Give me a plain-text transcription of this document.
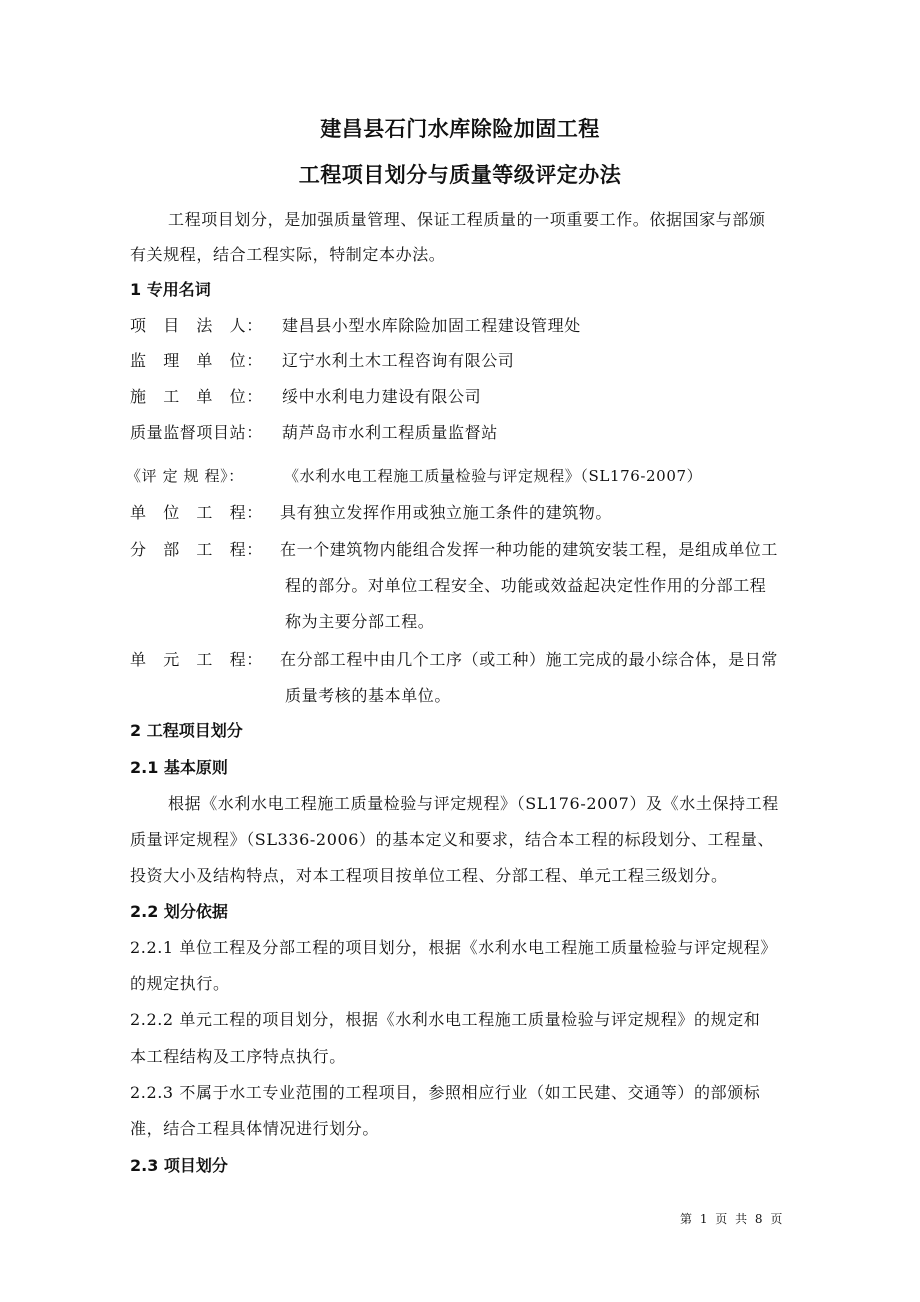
建昌县石门水库除险加固工程
工程项目划分与质量等级评定办法
工程项目划分，是加强质量管理、保证工程质量的一项重要工作。依据国家与部颁
有关规程，结合工程实际，特制定本办法。
1 专用名词
项　目　法　人： 建昌县小型水库除险加固工程建设管理处
监　理　单　位： 辽宁水利土木工程咨询有限公司
施　工　单　位： 绥中水利电力建设有限公司
质量监督项目站： 葫芦岛市水利工程质量监督站
《评 定 规 程》：	《水利水电工程施工质量检验与评定规程》（SL176-2007）
单　位　工　程： 具有独立发挥作用或独立施工条件的建筑物。
分　部　工　程： 在一个建筑物内能组合发挥一种功能的建筑安装工程，是组成单位工
程的部分。对单位工程安全、功能或效益起决定性作用的分部工程
称为主要分部工程。
单　元　工　程： 在分部工程中由几个工序（或工种）施工完成的最小综合体，是日常
质量考核的基本单位。
2 工程项目划分
2.1 基本原则
根据《水利水电工程施工质量检验与评定规程》（SL176-2007）及《水土保持工程
质量评定规程》（SL336-2006）的基本定义和要求，结合本工程的标段划分、工程量、
投资大小及结构特点，对本工程项目按单位工程、分部工程、单元工程三级划分。
2.2 划分依据
2.2.1 单位工程及分部工程的项目划分，根据《水利水电工程施工质量检验与评定规程》
的规定执行。
2.2.2 单元工程的项目划分，根据《水利水电工程施工质量检验与评定规程》的规定和
本工程结构及工序特点执行。
2.2.3 不属于水工专业范围的工程项目，参照相应行业（如工民建、交通等）的部颁标
准，结合工程具体情况进行划分。
2.3 项目划分
第 1 页 共 8 页
